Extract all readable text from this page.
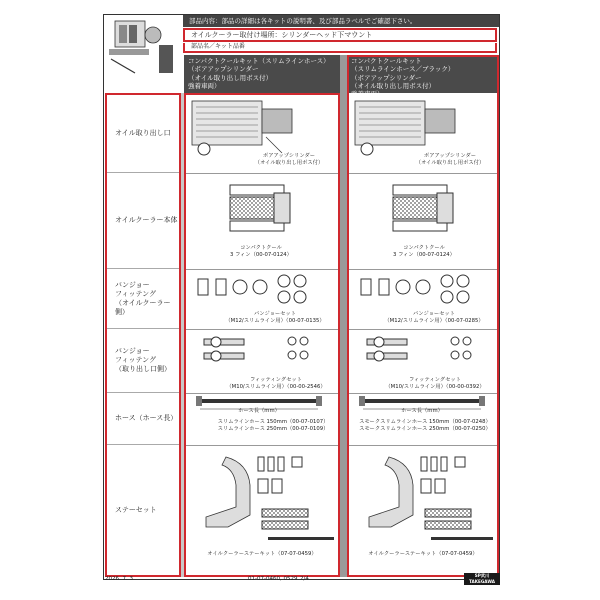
部品内容：部品の詳細は各キットの説明書、及び部品ラベルでご確認下さい。
オイルクーラー取付け場所：シリンダーヘッド下マウント
部品名／キット品番
コンパクトクールキット（スリムラインホース）
（ボアアップシリンダー
（オイル取り出し用ボス付）
強着車両）
コンパクトクールキット
（スリムラインホース／ブラック）
（ボアアップシリンダー
（オイル取り出し用ボス付）
強着車両）
オイル取り出し口
オイルクーラー本体
バンジョー
フィッテング
（オイルクーラー側）
バンジョー
フィッテング
（取り出し口側）
ホース（ホース長）
ステーセット
ボアアップシリンダー
（オイル取り出し用ボス付）
コンパクトクール
3 フィン（00-07-0124）
バンジョーセット
（M12/スリムライン用）（00-07-0135）
フィッティングセット
（M10/スリムライン用）（00-00-2546）
ホース長（mm）
スリムラインホース 150mm（00-07-0107）
スリムラインホース 250mm（00-07-0109）
オイルクーラーステーキット（07-07-0459）
ボアアップシリンダー
（オイル取り出し用ボス付）
コンパクトクール
3 フィン（00-07-0124）
バンジョーセット
（M12/スリムライン用）（00-07-0285）
フィッティングセット
（M10/スリムライン用）（00-00-0392）
ホース長（mm）
スモークスリムラインホース 150mm（00-07-0248）
スモークスリムラインホース 250mm（00-07-0250）
オイルクーラーステーキット（07-07-0459）
2026. 7. 3	01-07-0460, 0529 2/4
SP武川 TAKEGAWA
